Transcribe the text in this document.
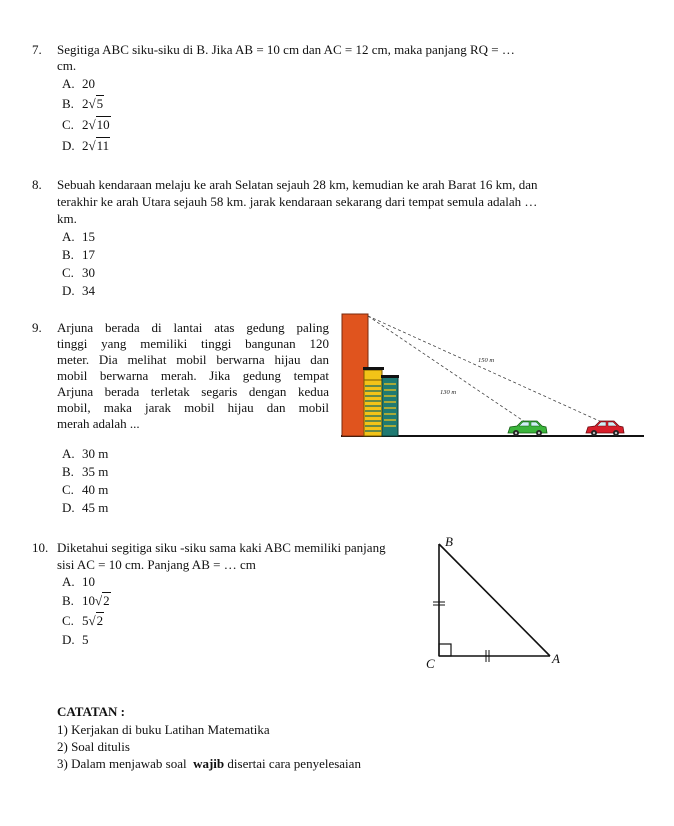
7. Segitiga ABC siku-siku di B. Jika AB = 10 cm dan AC = 12 cm, maka panjang RQ = …
cm.
A. 20
B. 2√5
C. 2√10
D. 2√11
8. Sebuah kendaraan melaju ke arah Selatan sejauh 28 km, kemudian ke arah Barat 16 km, dan
terakhir ke arah Utara sejauh 58 km. jarak kendaraan sekarang dari tempat semula adalah …
km.
A. 15
B. 17
C. 30
D. 34
9. Arjuna berada di lantai atas gedung paling
tinggi yang memiliki tinggi bangunan 120
meter. Dia melihat mobil berwarna hijau dan
mobil berwarna merah. Jika gedung tempat
Arjuna berada terletak segaris dengan kedua
mobil, maka jarak mobil hijau dan mobil
merah adalah ...
A. 30 m
B. 35 m
C. 40 m
D. 45 m
150 m
130 m
10. Diketahui segitiga siku -siku sama kaki ABC memiliki panjang
sisi AC = 10 cm. Panjang AB = … cm
A. 10
B. 10√2
C. 5√2
D. 5
B
C	A
CATATAN :
1) Kerjakan di buku Latihan Matematika
2) Soal ditulis
3) Dalam menjawab soal  wajib disertai cara penyelesaian
